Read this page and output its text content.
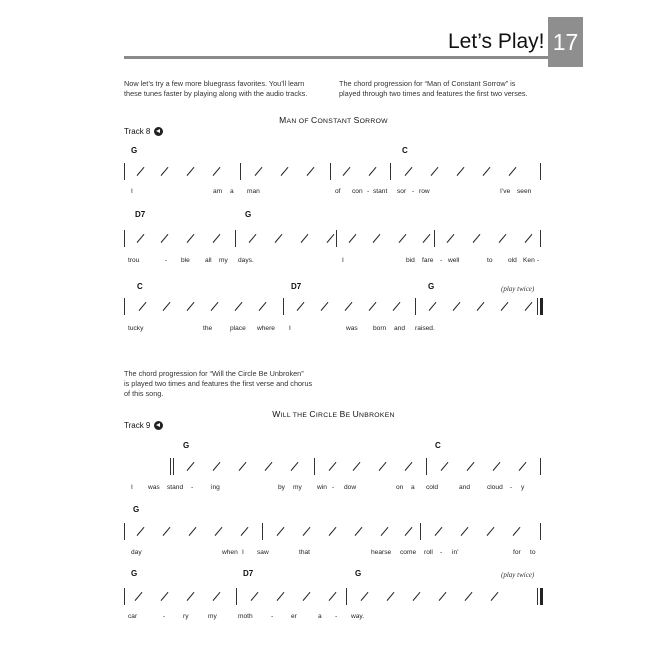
Let’s Play! 17
Now let’s try a few more bluegrass favorites. You’ll learn
these tunes faster by playing along with the audio tracks.
The chord progression for “Man of Constant Sorrow” is
played through two times and features the first two verses.
MAN OF CONSTANT SORROW
Track 8
G	C
I	am a man	of con - stant sor - row	I’ve seen
D7	G
trou	- ble all my days.	I	bid fare - well	to old Ken -
C	D7	G
tucky	the	place where I	was born and raised.
(play twice)
The chord progression for “Will the Circle Be Unbroken”
is played two times and features the first verse and chorus
of this song.
WILL THE CIRCLE BE UNBROKEN
Track 9
G	C
I was stand -	ing	by my win - dow	on a cold	and	cloud - y
G
day	when I saw	that	hearse come roll - in’	for to
G	D7	G
car	-	ry	my	moth	-	er	a - way.
(play twice)
